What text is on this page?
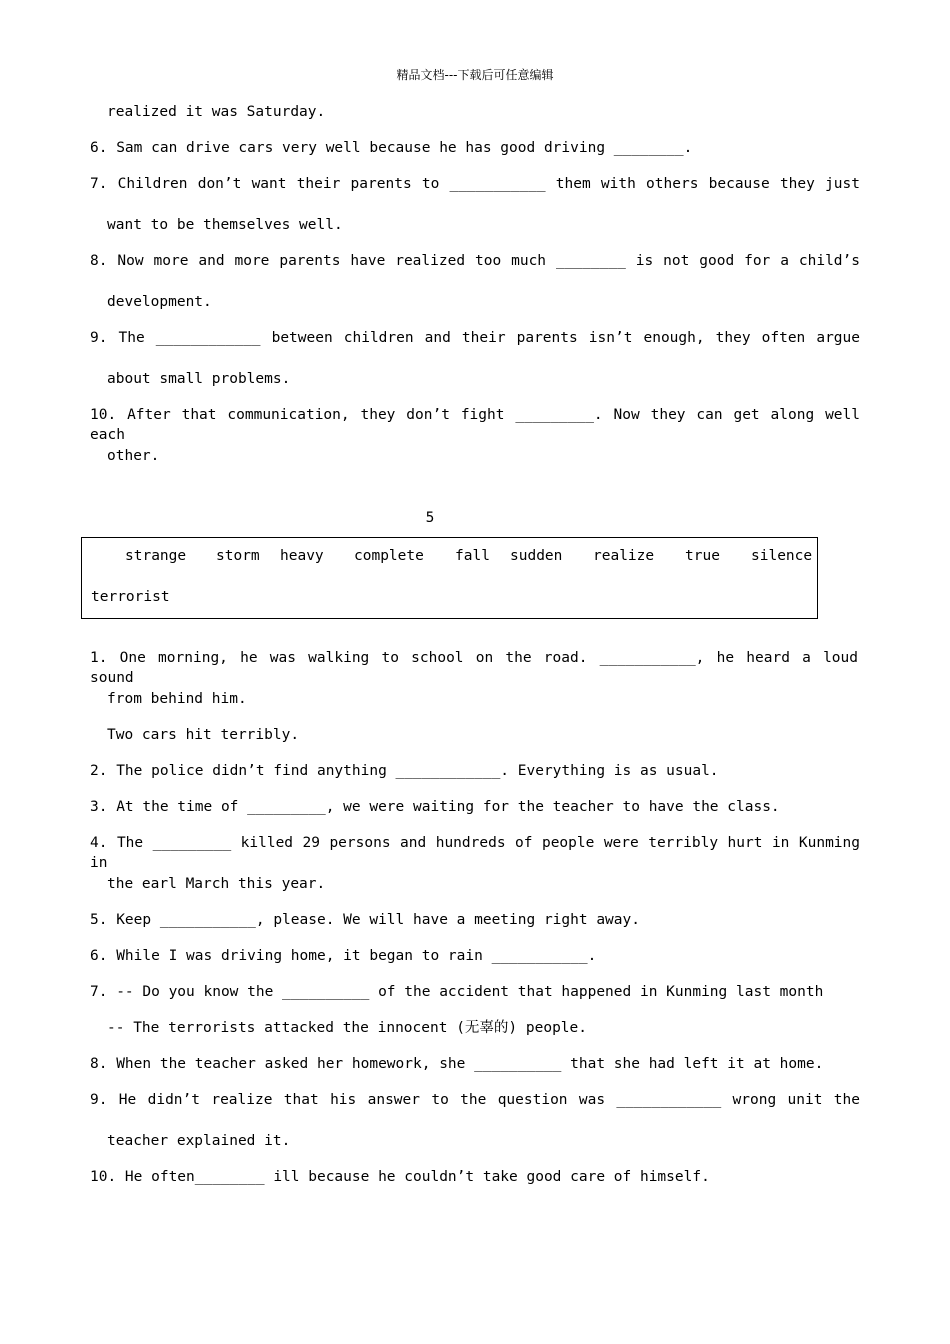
精品文档---下载后可任意编辑
realized it was Saturday.
6. Sam can drive cars very well because he has good driving ________.
7. Children don’t want their parents to ___________ them with others because they just
want to be themselves well.
8. Now more and more parents have realized too much ________ is not good for a child’s
development.
9. The ____________ between children and their parents isn’t enough, they often argue
about small problems.
10. After that communication, they don’t fight _________. Now they can get along well each
other.
5
strange storm heavy complete fall sudden realize true silence
terrorist
1. One morning, he was walking to school on the road. ___________, he heard a loud sound
from behind him.
Two cars hit terribly.
2. The police didn’t find anything ____________. Everything is as usual.
3. At the time of _________, we were waiting for the teacher to have the class.
4. The _________ killed 29 persons and hundreds of people were terribly hurt in Kunming in
the earl March this year.
5. Keep ___________, please. We will have a meeting right away.
6. While I was driving home, it began to rain ___________.
7. -- Do you know the __________ of the accident that happened in Kunming last month
-- The terrorists attacked the innocent (无辜的) people.
8. When the teacher asked her homework, she __________ that she had left it at home.
9. He didn’t realize that his answer to the question was ____________ wrong unit the
teacher explained it.
10. He often________ ill because he couldn’t take good care of himself.
